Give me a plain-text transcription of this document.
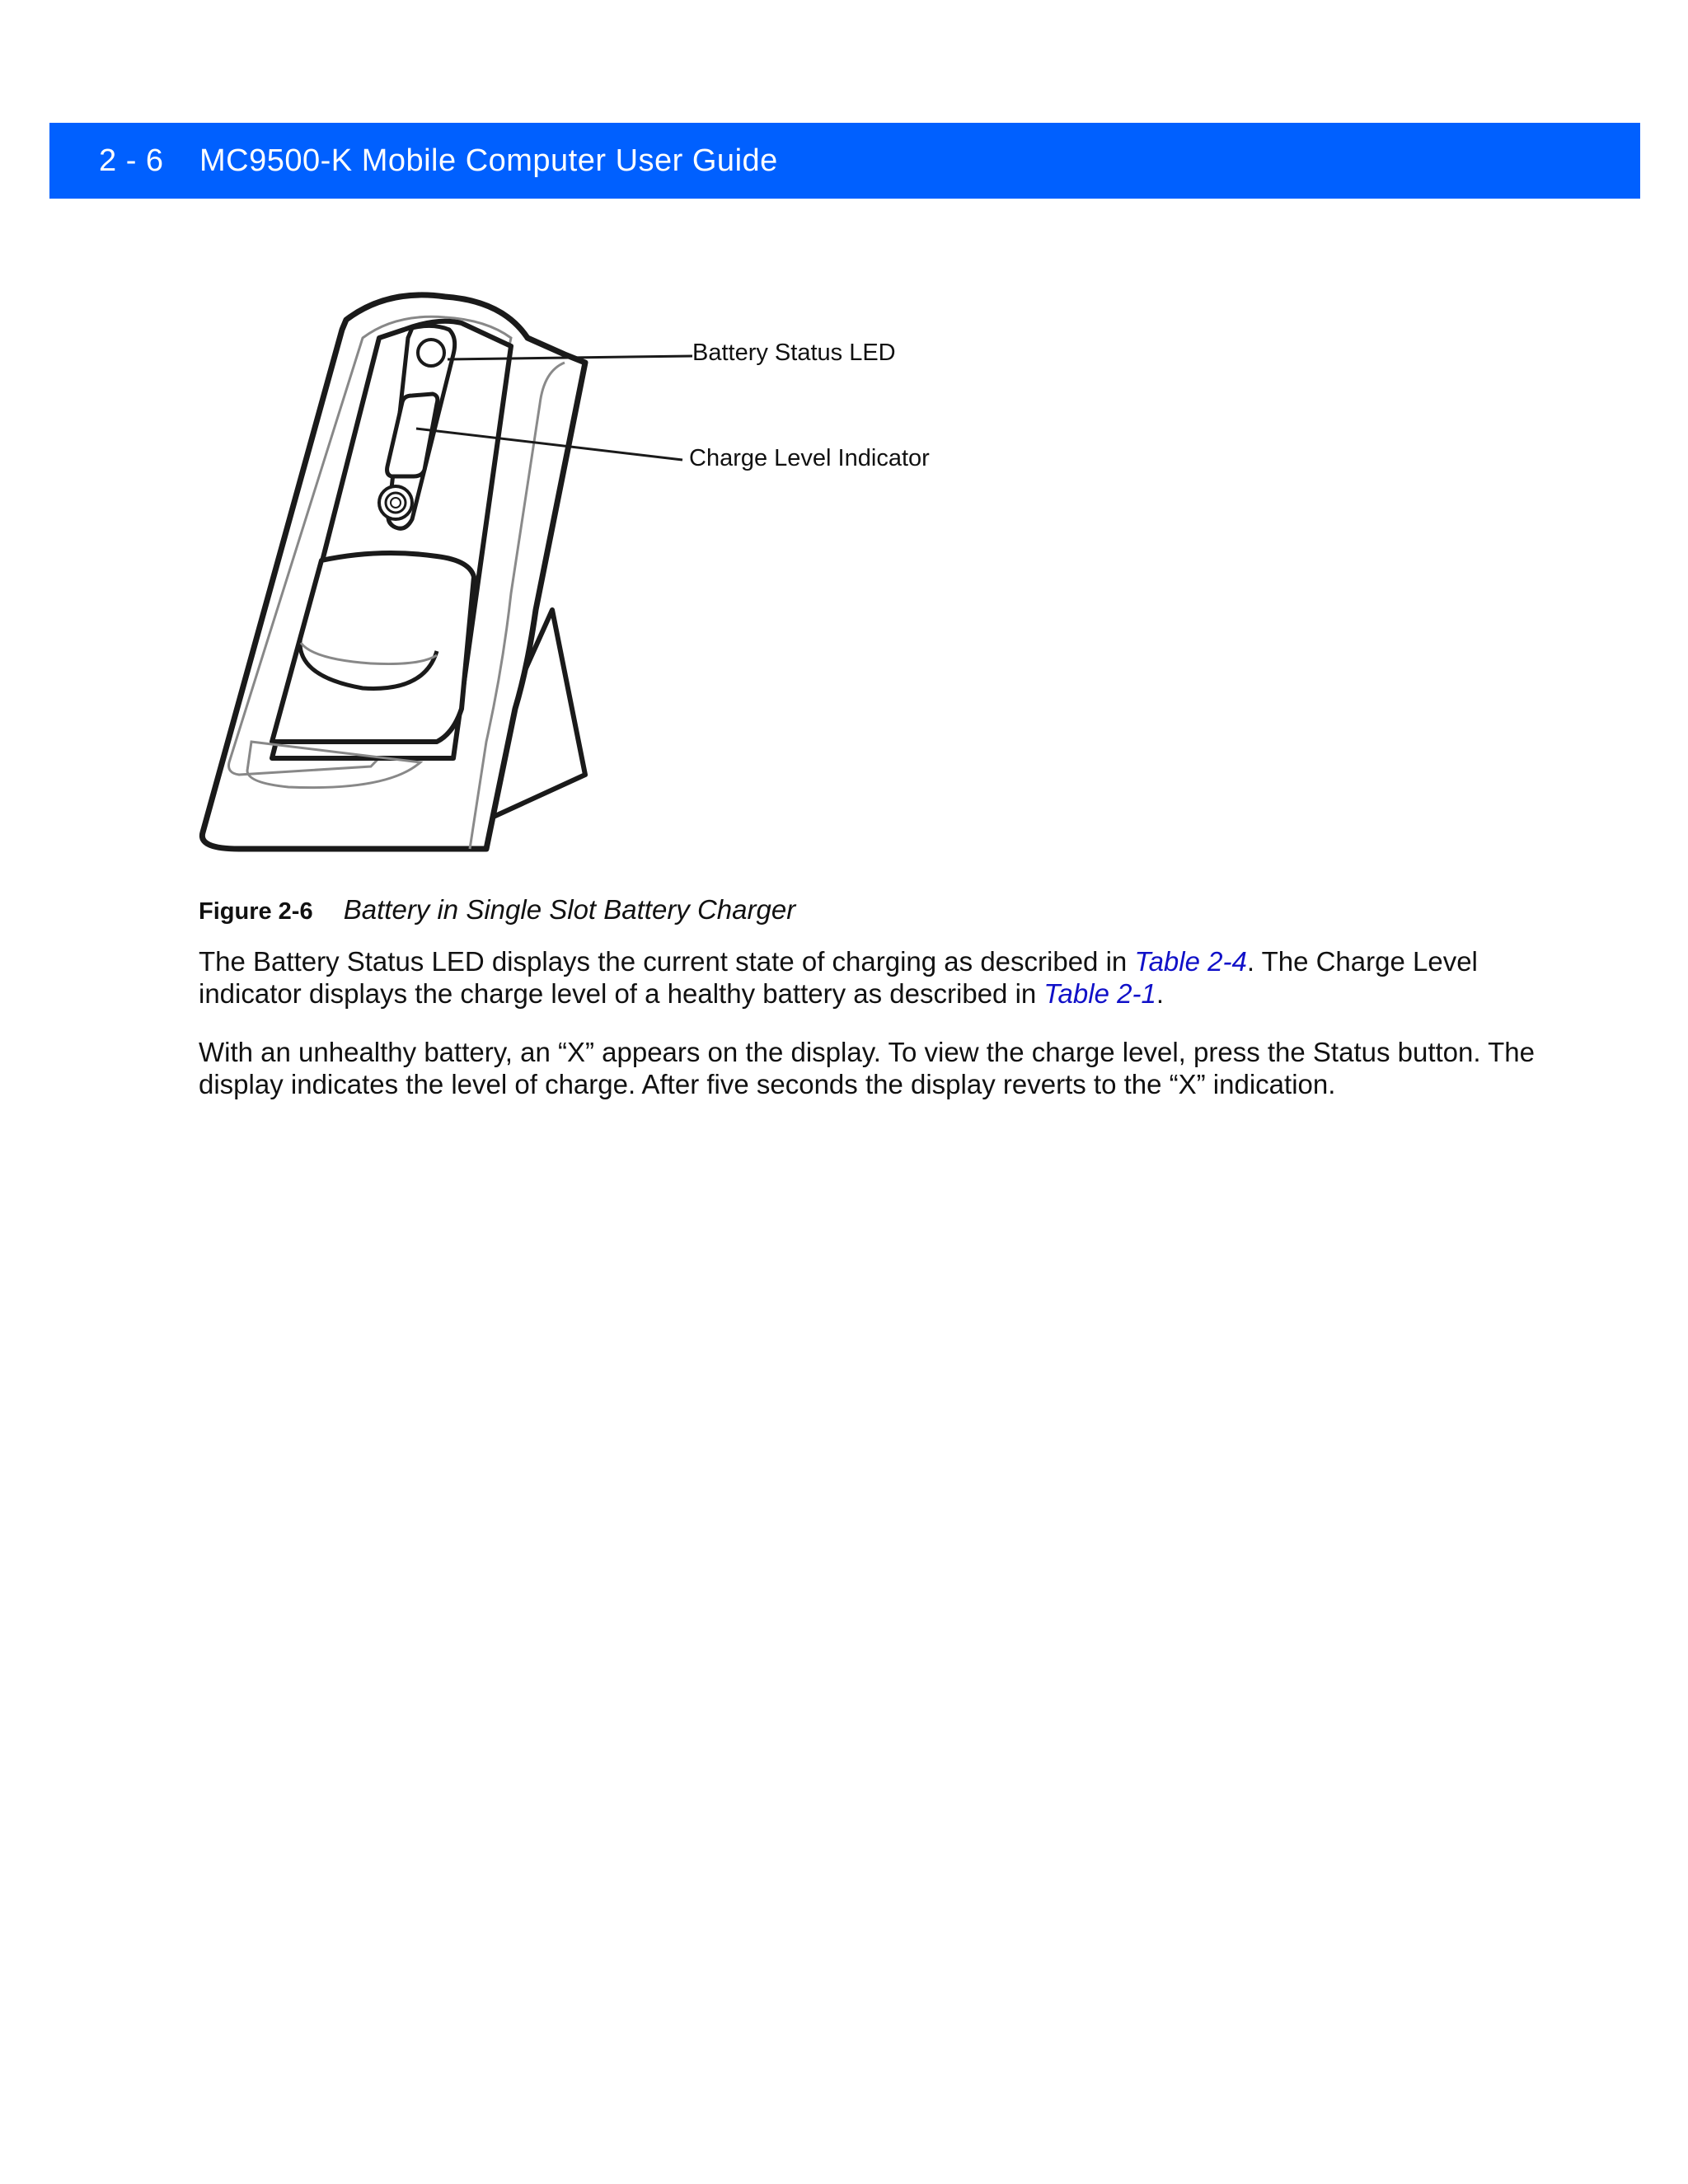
2 - 6 MC9500-K Mobile Computer User Guide
Battery Status LED
Charge Level Indicator
Figure 2-6 Battery in Single Slot Battery Charger

The Battery Status LED displays the current state of charging as described in Table 2-4. The Charge Level indicator displays the charge level of a healthy battery as described in Table 2-1.

With an unhealthy battery, an “X” appears on the display. To view the charge level, press the Status button. The display indicates the level of charge. After five seconds the display reverts to the “X” indication.
